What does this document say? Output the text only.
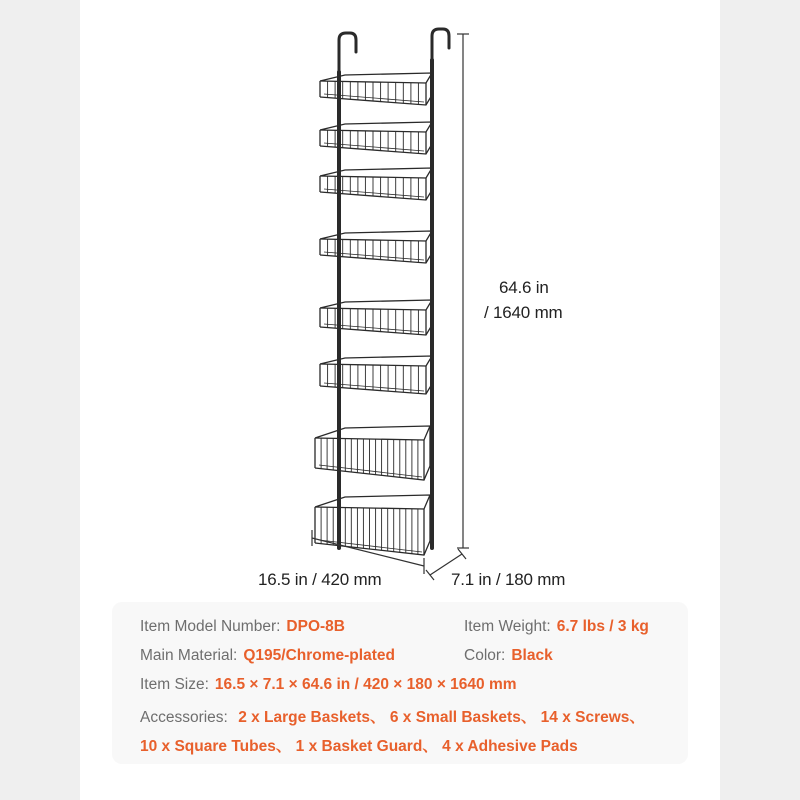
64.6 in
/ 1640 mm
16.5 in / 420 mm	7.1 in / 180 mm
Item Model Number: DPO-8B	Item Weight: 6.7 lbs / 3 kg
Main Material: Q195/Chrome-plated	Color: Black
Item Size: 16.5 × 7.1 × 64.6 in / 420 × 180 × 1640 mm
Accessories: 2 x Large Baskets、 6 x Small Baskets、 14 x Screws、
10 x Square Tubes、 1 x Basket Guard、 4 x Adhesive Pads
